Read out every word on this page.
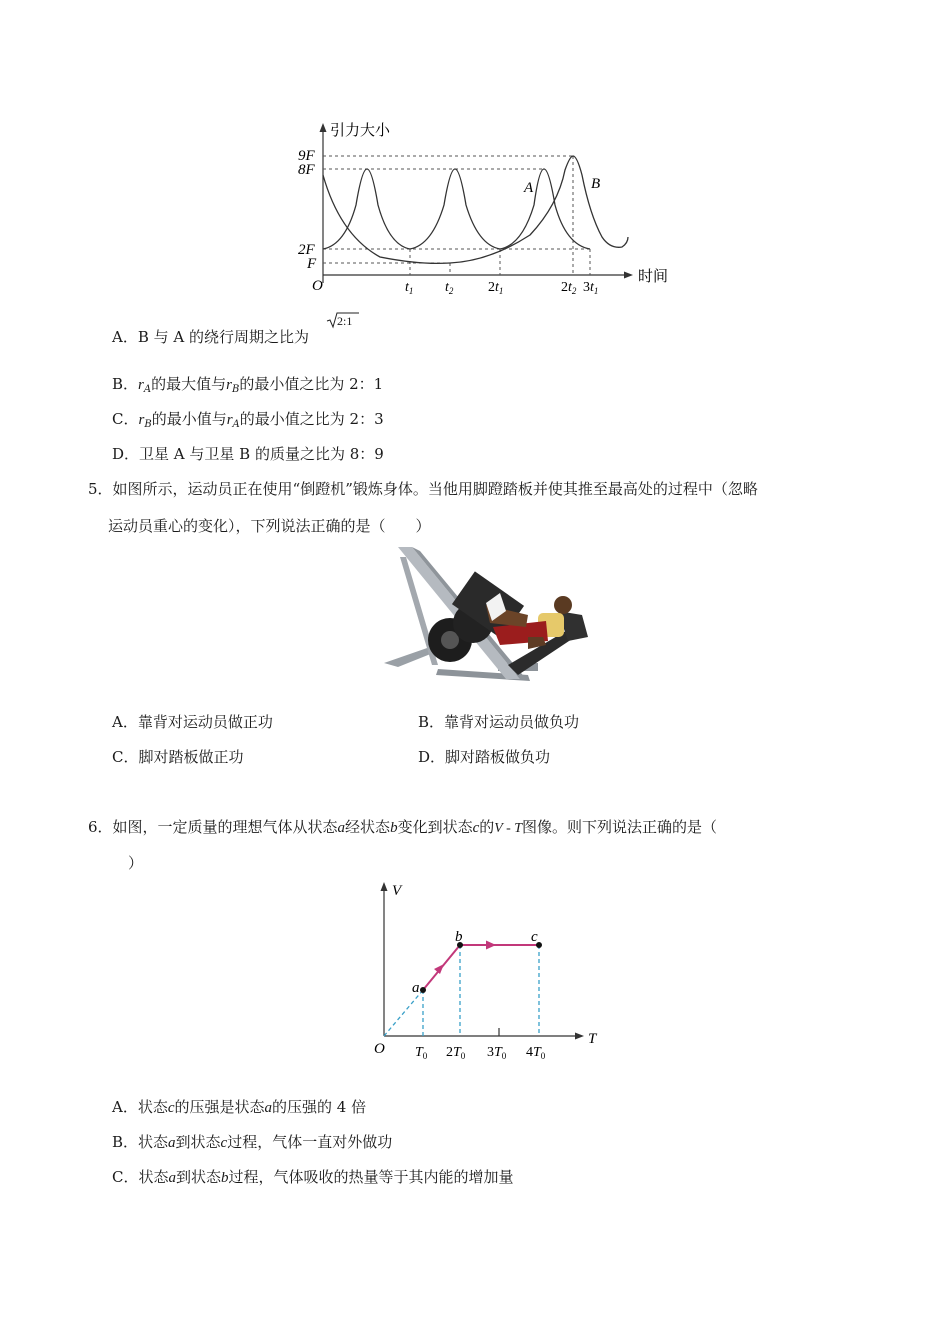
9F
8F
2F
F
O
引力大小
时间
$t_1$ $t_2$ $2t_1$	$2t_2$ $3t_1$
A	B
A．B 与 A 的绕行周期之比为
2:1
B．$r_A$的最大值与$r_B$的最小值之比为 2：1
C．$r_B$的最小值与$r_A$的最小值之比为 2：3
D．卫星 A 与卫星 B 的质量之比为 8：9
5．如图所示，运动员正在使用“倒蹬机”锻炼身体。当他用脚蹬踏板并使其推至最高处的过程中（忽略
运动员重心的变化），下列说法正确的是（　　）
A．靠背对运动员做正功	B．靠背对运动员做负功
C．脚对踏板做正功	D．脚对踏板做负功
6．如图，一定质量的理想气体从状态a经状态b变化到状态c的V - T图像。则下列说法正确的是（
）
a
b	c
V
T
O $T_0$ $2T_0$ $3T_0$ $4T_0$
A．状态c的压强是状态a的压强的 4 倍
B．状态a到状态c过程，气体一直对外做功
C．状态a到状态b过程，气体吸收的热量等于其内能的增加量
